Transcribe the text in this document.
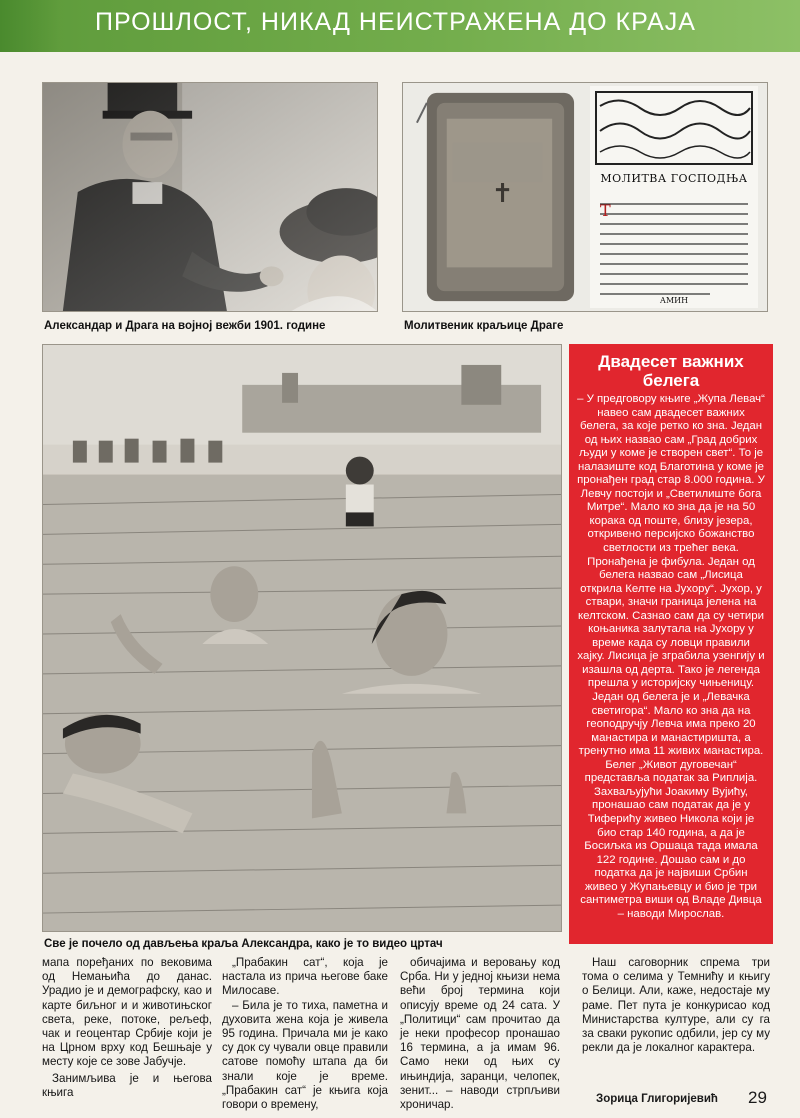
ПРОШЛОСТ, НИКАД НЕИСТРАЖЕНА ДО КРАЈА
Александар и Драга на војној вежби 1901. године
✝
Т
МОЛИТВА ГОСПОДЊА
АМИН
Молитвеник краљице Драге
Све је почело од дављења краља Александра, како је то видео цртач
Двадесет важних белега
– У предговору књиге „Жупа Левач“ навео сам двадесет важних белега, за које ретко ко зна. Један од њих назвао сам „Град добрих људи у коме је створен свет“. То је налазиште код Благотина у коме је пронађен град стар 8.000 година. У Левчу постоји и „Светилиште бога Митре“. Мало ко зна да је на 50 корака од поште, близу језера, откривено персијско божанство светлости из трећег века. Пронађена је фибула. Један од белега назвао сам „Лисица открила Келте на Јухору“. Јухор, у ствари, значи граница јелена на келтском. Сазнао сам да су четири коњаника залутала на Јухору у време када су ловци правили хајку. Лисица је зграбила узенгију и изашла од дерта. Тако је легенда прешла у историјску чињеницу. Један од белега је и „Левачка светигора“. Мало ко зна да на геоподручју Левча има преко 20 манастира и манастиришта, а тренутно има 11 живих манастира. Белег „Живот дуговечан“ представља податак за Риплија. Захваљујући Јоакиму Вујићу, пронашао сам податак да је у Тиферићу живео Никола који је био стар 140 година, а да је Босиљка из Оршаца тада имала 122 године. Дошао сам и до податка да је највиши Србин живео у Жупањевцу и био је три сантиметра виши од Владе Дивца – наводи Мирослав.

мапа поређаних по вековима од Немањића до данас. Урадио је и демографску, као и карте биљног и и животињског света, реке, потоке, рељеф, чак и геоцентар Србије који је на Црном врху код Бешњаје у месту које се зове Јабучје.

Занимљива је и његова књига

„Прабакин сат“, која је настала из прича његове баке Милосаве.

– Била је то тиха, паметна и духовита жена која је живела 95 година. Причала ми је како су док су чували овце правили сатове помоћу штапа да би знали које је време. „Прабакин сат“ је књига која говори о времену,

обичајима и веровању код Срба. Ни у једној књизи нема већи број термина који описују време од 24 сата. У „Политици“ сам прочитао да је неки професор пронашао 16 термина, а ја имам 96. Само неки од њих су ињиндија, заранци, челопек, зенит... – наводи стрпљиви хроничар.

Наш саговорник спрема три тома о селима у Темнићу и књигу о Белици. Али, каже, недостаје му раме. Пет пута је конкурисао код Министарства културе, али су га за сваки рукопис одбили, јер су му рекли да је локалног карактера.

Зорица Глигоријевић 29
